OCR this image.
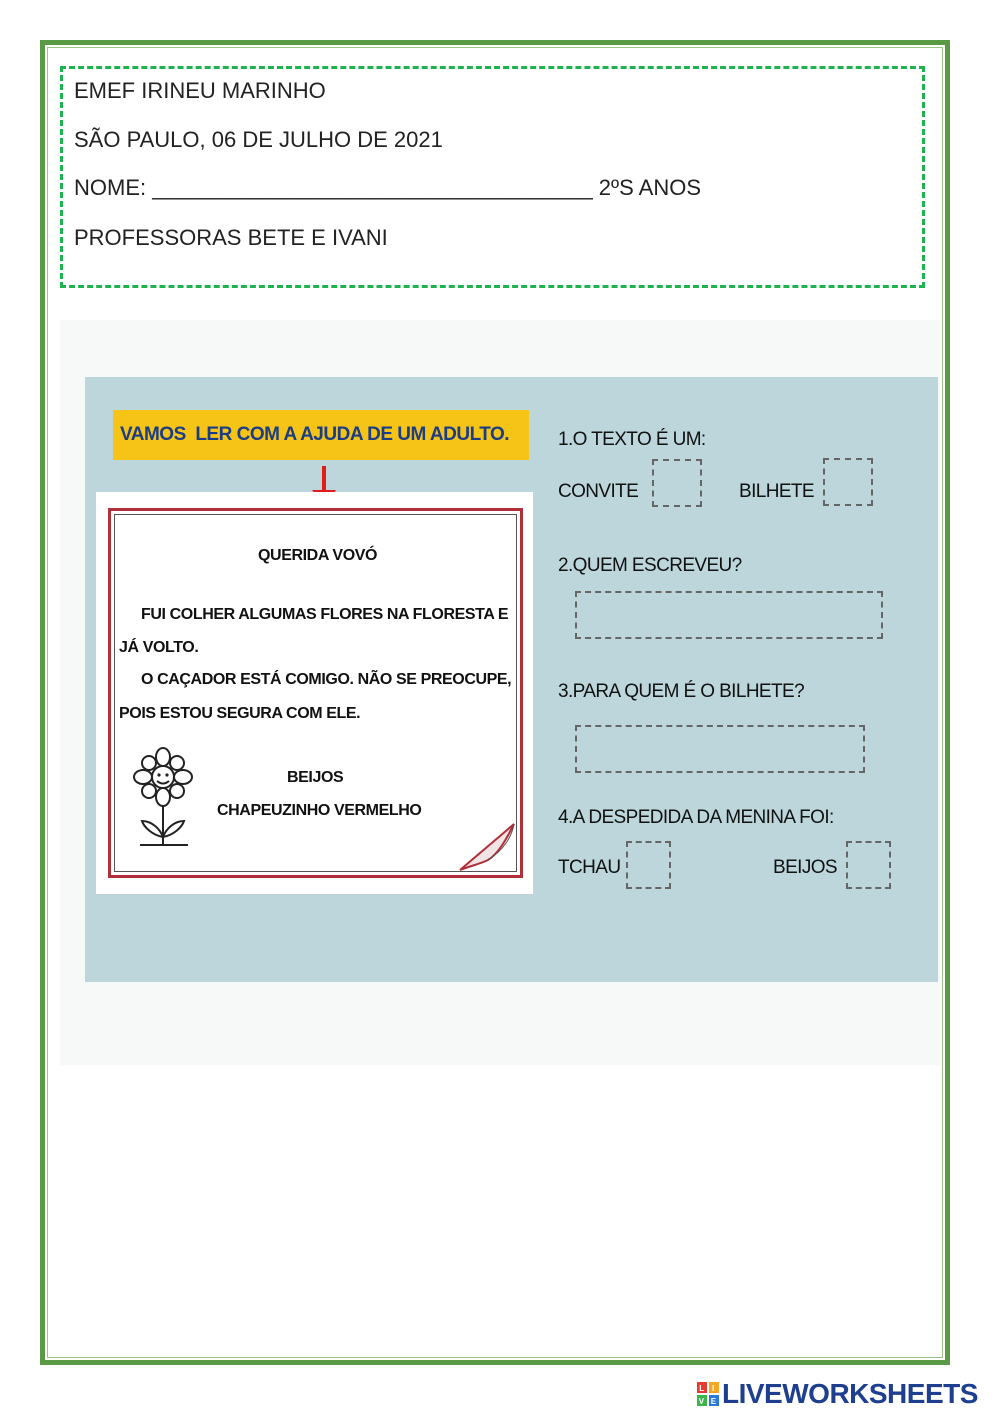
EMEF IRINEU MARINHO
SÃO PAULO, 06 DE JULHO DE 2021
NOME: ____________________________________ 2ºS ANOS
PROFESSORAS BETE E IVANI
VAMOS  LER COM A AJUDA DE UM ADULTO.
QUERIDA VOVÓ
FUI COLHER ALGUMAS FLORES NA FLORESTA E
JÁ VOLTO.
O CAÇADOR ESTÁ COMIGO. NÃO SE PREOCUPE,
POIS ESTOU SEGURA COM ELE.
BEIJOS
CHAPEUZINHO VERMELHO
1.O TEXTO É UM:
CONVITE	BILHETE
2.QUEM ESCREVEU?
3.PARA QUEM É O BILHETE?
4.A DESPEDIDA DA MENINA FOI:
TCHAU	BEIJOS
L I
V E LIVEWORKSHEETS
